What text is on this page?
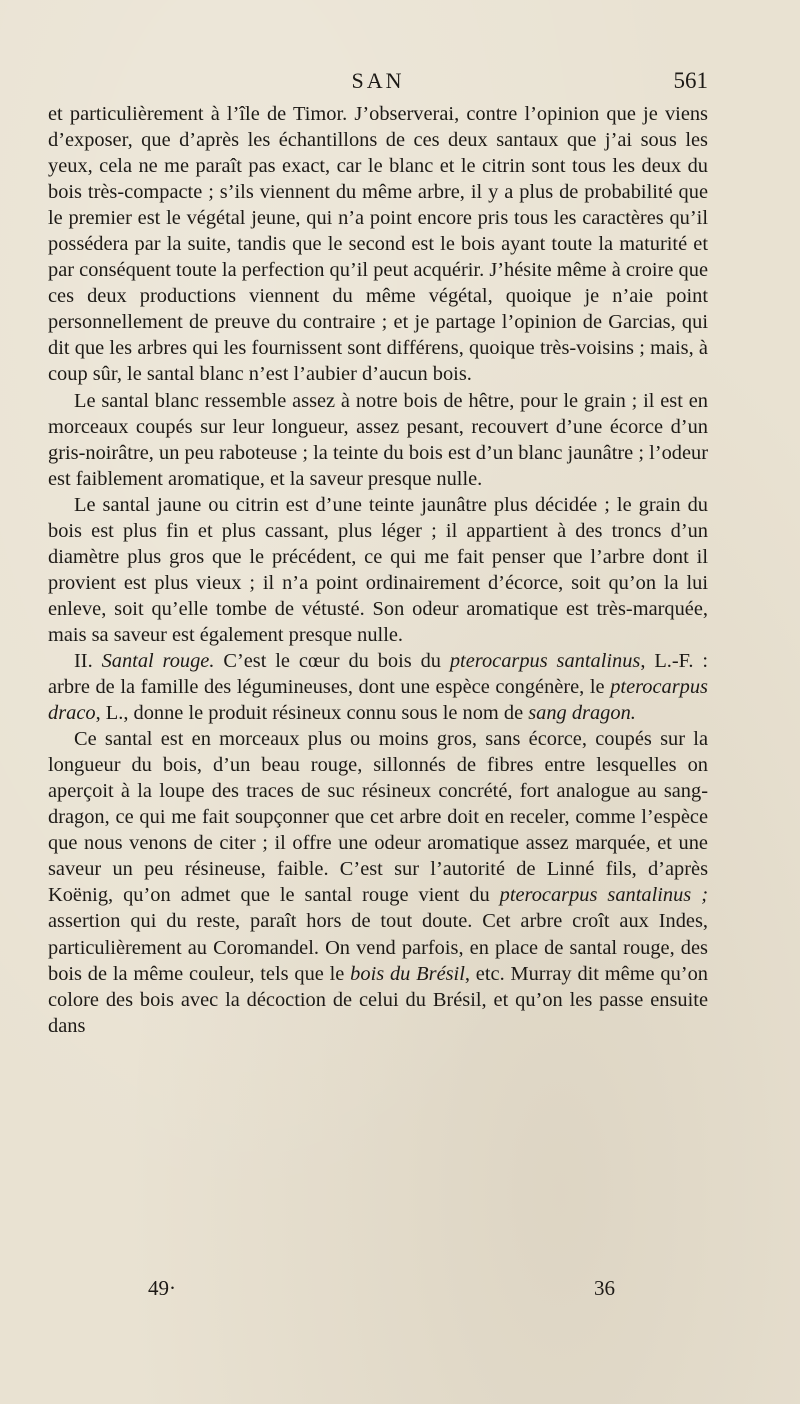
SAN	561

et particulièrement à l’île de Timor. J’observerai, contre l’opinion que je viens d’exposer, que d’après les échantillons de ces deux santaux que j’ai sous les yeux, cela ne me paraît pas exact, car le blanc et le citrin sont tous les deux du bois très-compacte ; s’ils viennent du même arbre, il y a plus de probabilité que le premier est le végétal jeune, qui n’a point encore pris tous les caractères qu’il possédera par la suite, tandis que le second est le bois ayant toute la maturité et par conséquent toute la perfection qu’il peut acquérir. J’hésite même à croire que ces deux productions viennent du même végétal, quoique je n’aie point personnellement de preuve du contraire ; et je partage l’opinion de Garcias, qui dit que les arbres qui les fournissent sont différens, quoique très-voisins ; mais, à coup sûr, le santal blanc n’est l’aubier d’aucun bois.

Le santal blanc ressemble assez à notre bois de hêtre, pour le grain ; il est en morceaux coupés sur leur longueur, assez pesant, recouvert d’une écorce d’un gris-noirâtre, un peu raboteuse ; la teinte du bois est d’un blanc jaunâtre ; l’odeur est faiblement aromatique, et la saveur presque nulle.

Le santal jaune ou citrin est d’une teinte jaunâtre plus décidée ; le grain du bois est plus fin et plus cassant, plus léger ; il appartient à des troncs d’un diamètre plus gros que le précédent, ce qui me fait penser que l’arbre dont il provient est plus vieux ; il n’a point ordinairement d’écorce, soit qu’on la lui enleve, soit qu’elle tombe de vétusté. Son odeur aromatique est très-marquée, mais sa saveur est également presque nulle.

II. Santal rouge. C’est le cœur du bois du pterocarpus santalinus, L.-F. : arbre de la famille des légumineuses, dont une espèce congénère, le pterocarpus draco, L., donne le produit résineux connu sous le nom de sang dragon.

Ce santal est en morceaux plus ou moins gros, sans écorce, coupés sur la longueur du bois, d’un beau rouge, sillonnés de fibres entre lesquelles on aperçoit à la loupe des traces de suc résineux concrété, fort analogue au sang-dragon, ce qui me fait soupçonner que cet arbre doit en receler, comme l’espèce que nous venons de citer ; il offre une odeur aromatique assez marquée, et une saveur un peu résineuse, faible. C’est sur l’autorité de Linné fils, d’après Koënig, qu’on admet que le santal rouge vient du pterocarpus santalinus ; assertion qui du reste, paraît hors de tout doute. Cet arbre croît aux Indes, particulièrement au Coromandel. On vend parfois, en place de santal rouge, des bois de la même couleur, tels que le bois du Brésil, etc. Murray dit même qu’on colore des bois avec la décoction de celui du Brésil, et qu’on les passe ensuite dans

49·	36
